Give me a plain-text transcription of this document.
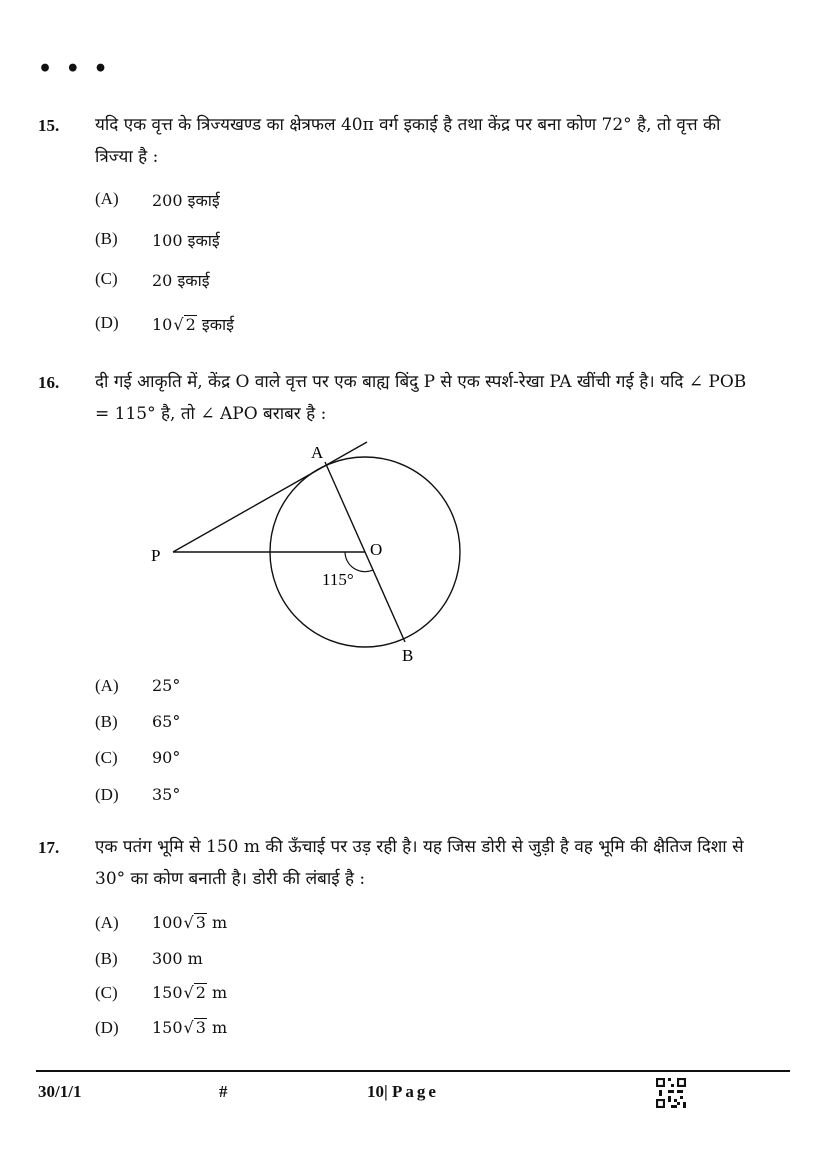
• • •
15. यदि एक वृत्त के त्रिज्यखण्ड का क्षेत्रफल 40π वर्ग इकाई है तथा केंद्र पर बना कोण 72° है, तो वृत्त की त्रिज्या है :
(A)	200 इकाई
(B)	100 इकाई
(C)	20 इकाई
(D)	10√ 2 इकाई
16. दी गई आकृति में, केंद्र O वाले वृत्त पर एक बाह्य बिंदु P से एक स्पर्श-रेखा PA खींची गई है। यदि ∠ POB = 115° है, तो ∠ APO बराबर है :
A
O
P
B
115°
(A)	25°
(B)	65°
(C)	90°
(D)	35°
17. एक पतंग भूमि से 150 m की ऊँचाई पर उड़ रही है। यह जिस डोरी से जुड़ी है वह भूमि की क्षैतिज दिशा से 30° का कोण बनाती है। डोरी की लंबाई है :
(A)	100√ 3 m
(B)	300 m
(C)	150√ 2 m
(D)	150√ 3 m
30/1/1	#	10| Page
